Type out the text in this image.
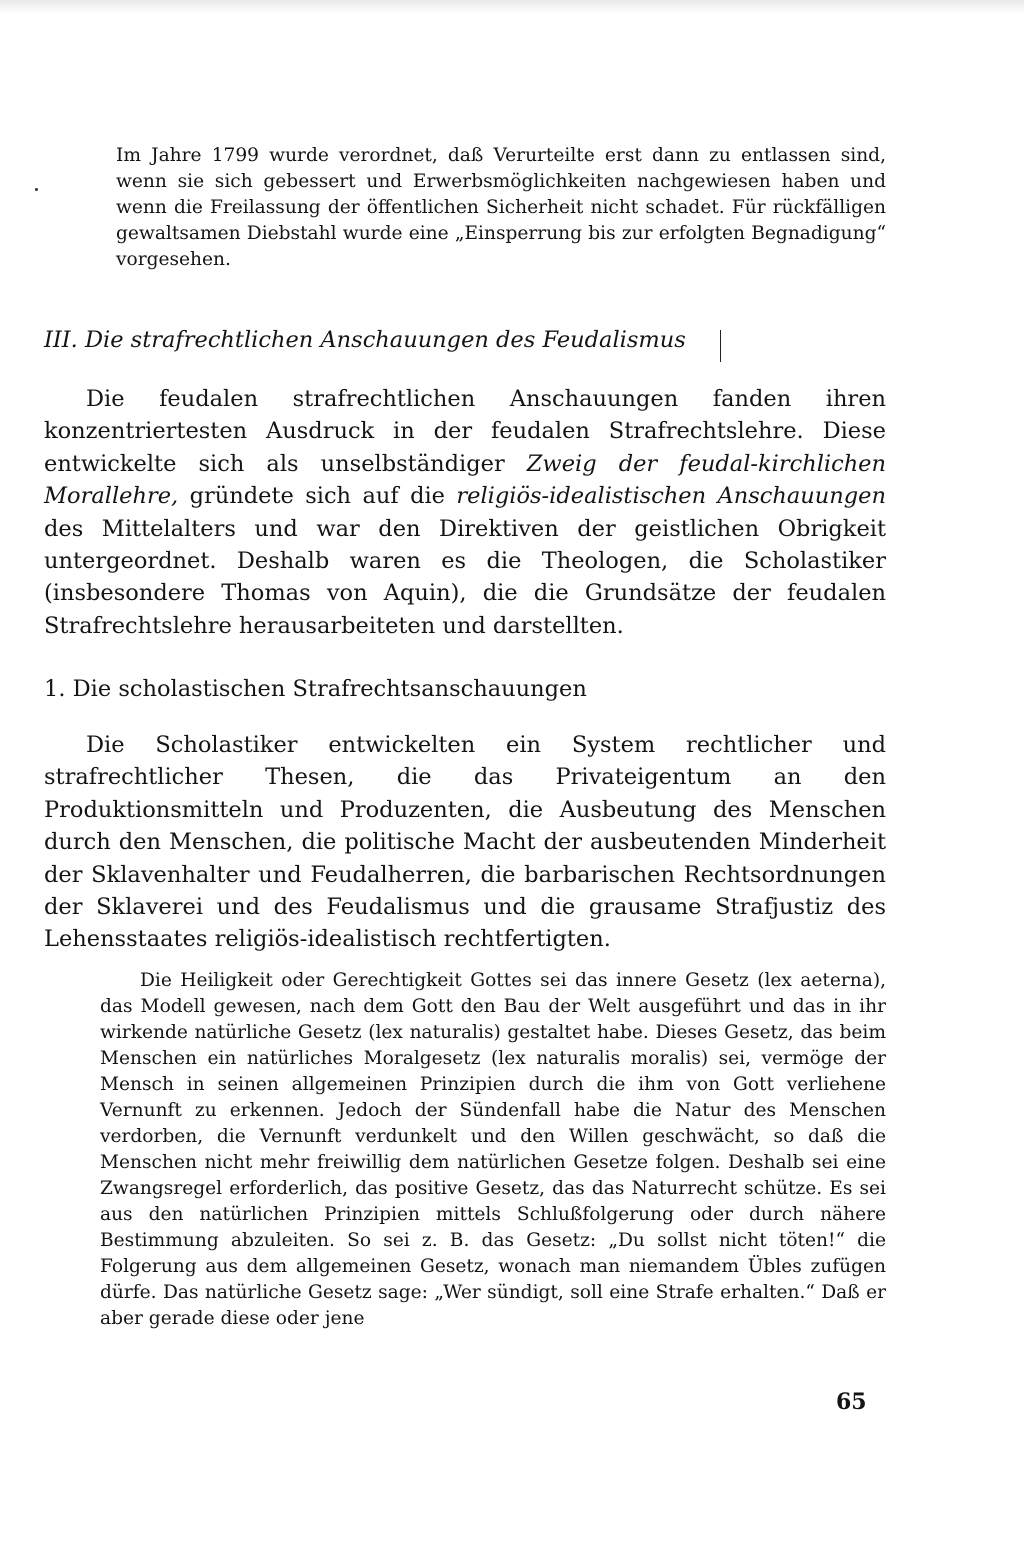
Im Jahre 1799 wurde verordnet, daß Verurteilte erst dann zu entlassen sind, wenn sie sich gebessert und Erwerbsmöglichkeiten nachgewiesen haben und wenn die Freilassung der öffentlichen Sicherheit nicht schadet. Für rückfälligen gewaltsamen Diebstahl wurde eine „Einsperrung bis zur erfolgten Begnadigung“ vorgesehen.

III. Die strafrechtlichen Anschauungen des Feudalismus

Die feudalen strafrechtlichen Anschauungen fanden ihren konzentriertesten Ausdruck in der feudalen Strafrechtslehre. Diese entwickelte sich als unselbständiger Zweig der feudal-kirchlichen Morallehre, gründete sich auf die religiös-idealistischen Anschauungen des Mittelalters und war den Direktiven der geistlichen Obrigkeit untergeordnet. Deshalb waren es die Theologen, die Scholastiker (insbesondere Thomas von Aquin), die die Grundsätze der feudalen Strafrechtslehre herausarbeiteten und darstellten.

1. Die scholastischen Strafrechtsanschauungen

Die Scholastiker entwickelten ein System rechtlicher und strafrechtlicher Thesen, die das Privateigentum an den Produktionsmitteln und Produzenten, die Ausbeutung des Menschen durch den Menschen, die politische Macht der ausbeutenden Minderheit der Sklavenhalter und Feudalherren, die barbarischen Rechtsordnungen der Sklaverei und des Feudalismus und die grausame Strafjustiz des Lehensstaates religiös-idealistisch rechtfertigten.

Die Heiligkeit oder Gerechtigkeit Gottes sei das innere Gesetz (lex aeterna), das Modell gewesen, nach dem Gott den Bau der Welt ausgeführt und das in ihr wirkende natürliche Gesetz (lex naturalis) gestaltet habe. Dieses Gesetz, das beim Menschen ein natürliches Moralgesetz (lex naturalis moralis) sei, vermöge der Mensch in seinen allgemeinen Prinzipien durch die ihm von Gott verliehene Vernunft zu erkennen. Jedoch der Sündenfall habe die Natur des Menschen verdorben, die Vernunft verdunkelt und den Willen geschwächt, so daß die Menschen nicht mehr freiwillig dem natürlichen Gesetze folgen. Deshalb sei eine Zwangsregel erforderlich, das positive Gesetz, das das Naturrecht schütze. Es sei aus den natürlichen Prinzipien mittels Schlußfolgerung oder durch nähere Bestimmung abzuleiten. So sei z. B. das Gesetz: „Du sollst nicht töten!“ die Folgerung aus dem allgemeinen Gesetz, wonach man niemandem Übles zufügen dürfe. Das natürliche Gesetz sage: „Wer sündigt, soll eine Strafe erhalten.“ Daß er aber gerade diese oder jene

65
